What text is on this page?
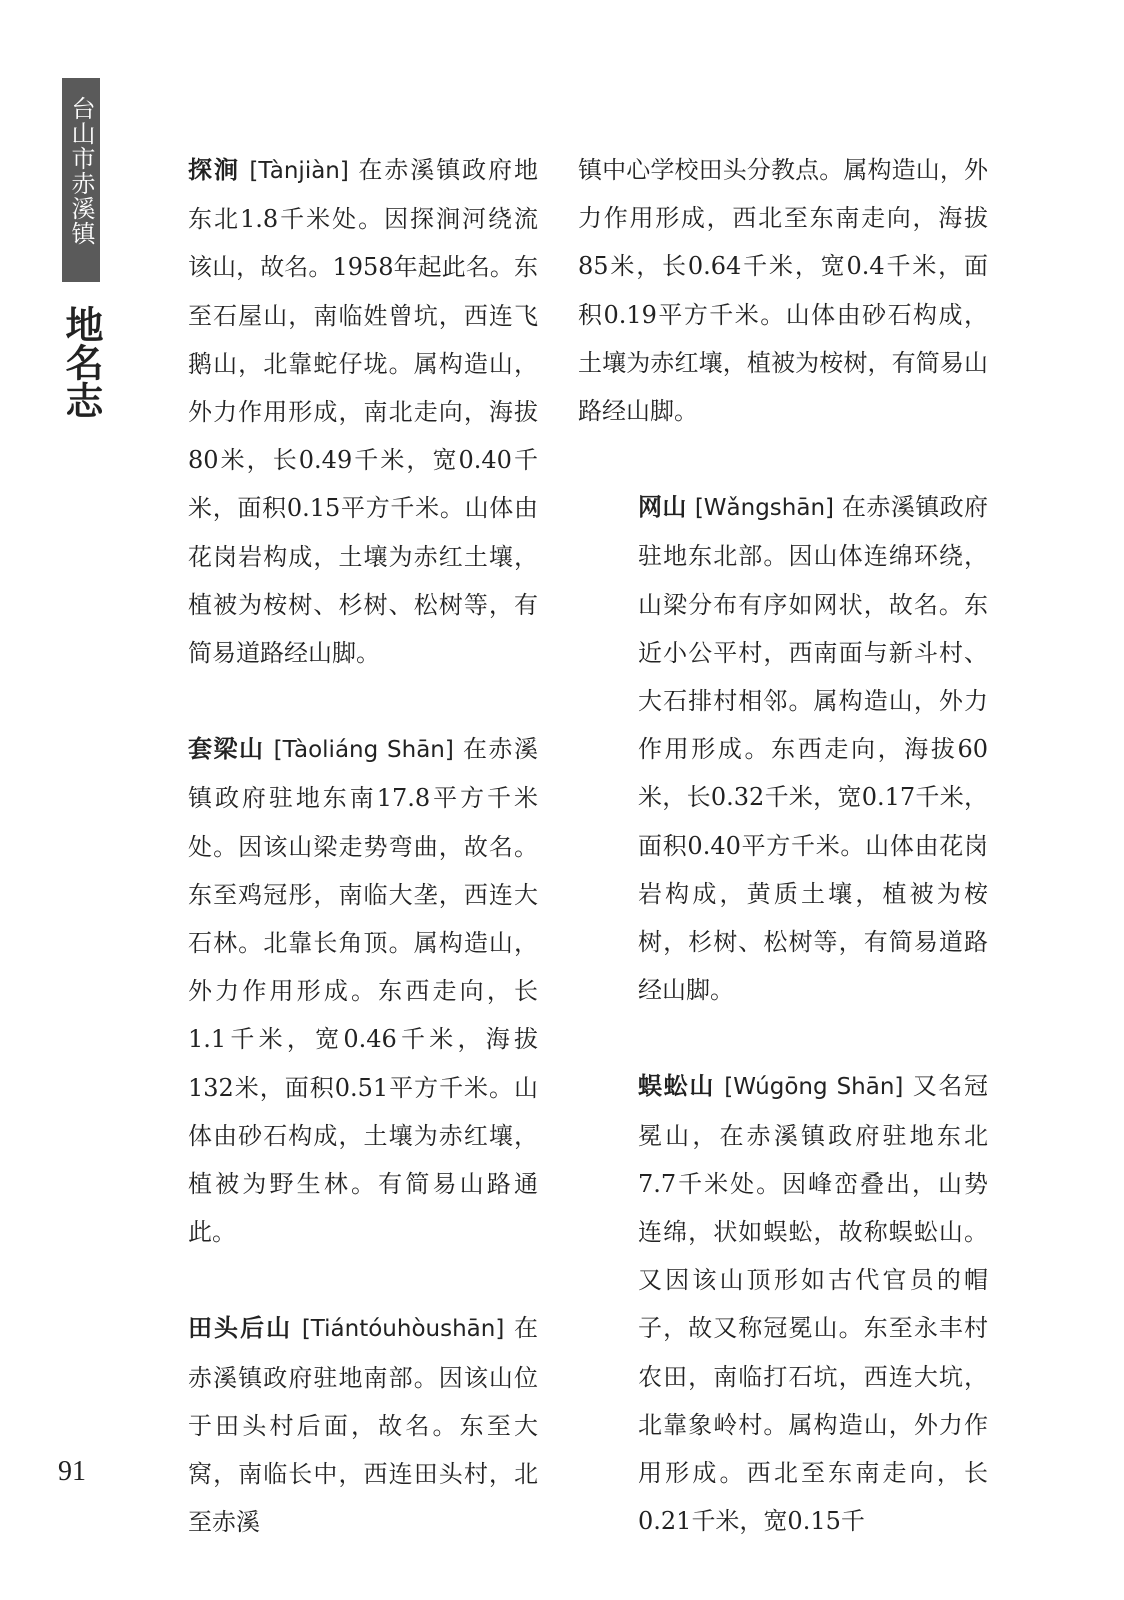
台山市赤溪镇
地名志

探涧 [Tànjiàn] 在赤溪镇政府地东北1.8千米处。因探涧河绕流该山，故名。1958年起此名。东至石屋山，南临姓曾坑，西连飞鹅山，北靠蛇仔垅。属构造山，外力作用形成，南北走向，海拔80米，长0.49千米，宽0.40千米，面积0.15平方千米。山体由花岗岩构成，土壤为赤红土壤，植被为桉树、杉树、松树等，有简易道路经山脚。

套梁山 [Tàoliáng Shān] 在赤溪镇政府驻地东南17.8平方千米处。因该山梁走势弯曲，故名。东至鸡冠彤，南临大垄，西连大石林。北靠长角顶。属构造山，外力作用形成。东西走向，长1.1千米，宽0.46千米，海拔132米，面积0.51平方千米。山体由砂石构成，土壤为赤红壤，植被为野生林。有简易山路通此。

田头后山 [Tiántóuhòushān] 在赤溪镇政府驻地南部。因该山位于田头村后面，故名。东至大窝，南临长中，西连田头村，北至赤溪

镇中心学校田头分教点。属构造山，外力作用形成，西北至东南走向，海拔85米，长0.64千米，宽0.4千米，面积0.19平方千米。山体由砂石构成，土壤为赤红壤，植被为桉树，有简易山路经山脚。

网山 [Wǎngshān] 在赤溪镇政府驻地东北部。因山体连绵环绕，山梁分布有序如网状，故名。东近小公平村，西南面与新斗村、大石排村相邻。属构造山，外力作用形成。东西走向，海拔60米，长0.32千米，宽0.17千米，面积0.40平方千米。山体由花岗岩构成，黄质土壤，植被为桉树，杉树、松树等，有简易道路经山脚。

蜈蚣山 [Wúgōng Shān] 又名冠冕山，在赤溪镇政府驻地东北7.7千米处。因峰峦叠出，山势连绵，状如蜈蚣，故称蜈蚣山。又因该山顶形如古代官员的帽子，故又称冠冕山。东至永丰村农田，南临打石坑，西连大坑，北靠象岭村。属构造山，外力作用形成。西北至东南走向，长0.21千米，宽0.15千

91
